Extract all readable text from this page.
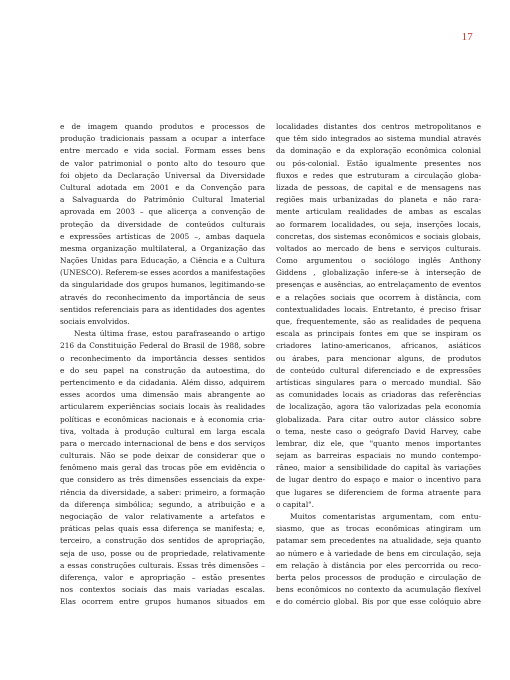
17
e de imagem quando produtos e processos de
produção tradicionais passam a ocupar a interface
entre mercado e vida social. Formam esses bens
de valor patrimonial o ponto alto do tesouro que
foi objeto da Declaração Universal da Diversidade
Cultural adotada em 2001 e da Convenção para
a Salvaguarda do Patrimônio Cultural Imaterial
aprovada em 2003 – que alicerça a convenção de
proteção da diversidade de conteúdos culturais
e expressões artísticas de 2005 –, ambas daquela
mesma organização multilateral, a Organização das
Nações Unidas para Educação, a Ciência e a Cultura
(UNESCO). Referem-se esses acordos a manifestações
da singularidade dos grupos humanos, legitimando-se
através do reconhecimento da importância de seus
sentidos referenciais para as identidades dos agentes
sociais envolvidos.
Nesta última frase, estou parafraseando o artigo
216 da Constituição Federal do Brasil de 1988, sobre
o reconhecimento da importância desses sentidos
e do seu papel na construção da autoestima, do
pertencimento e da cidadania. Além disso, adquirem
esses acordos uma dimensão mais abrangente ao
articularem experiências sociais locais às realidades
políticas e econômicas nacionais e à economia cria-
tiva, voltada à produção cultural em larga escala
para o mercado internacional de bens e dos serviços
culturais. Não se pode deixar de considerar que o
fenômeno mais geral das trocas põe em evidência o
que considero as três dimensões essenciais da expe-
riência da diversidade, a saber: primeiro, a formação
da diferença simbólica; segundo, a atribuição e a
negociação de valor relativamente a artefatos e
práticas pelas quais essa diferença se manifesta; e,
terceiro, a construção dos sentidos de apropriação,
seja de uso, posse ou de propriedade, relativamente
a essas construções culturais. Essas três dimensões –
diferença, valor e apropriação – estão presentes
nos contextos sociais das mais variadas escalas.
Elas ocorrem entre grupos humanos situados em
localidades distantes dos centros metropolitanos e
que têm sido integrados ao sistema mundial através
da dominação e da exploração econômica colonial
ou pós-colonial. Estão igualmente presentes nos
fluxos e redes que estruturam a circulação globa-
lizada de pessoas, de capital e de mensagens nas
regiões mais urbanizadas do planeta e não rara-
mente articulam realidades de ambas as escalas
ao formarem localidades, ou seja, inserções locais,
concretas, dos sistemas econômicos e sociais globais,
voltados ao mercado de bens e serviços culturais.
Como argumentou o sociólogo inglês Anthony
Giddens , globalização infere-se à interseção de
presenças e ausências, ao entrelaçamento de eventos
e a relações sociais que ocorrem à distância, com
contextualidades locais. Entretanto, é preciso frisar
que, frequentemente, são as realidades de pequena
escala as principais fontes em que se inspiram os
criadores latino-americanos, africanos, asiáticos
ou árabes, para mencionar alguns, de produtos
de conteúdo cultural diferenciado e de expressões
artísticas singulares para o mercado mundial. São
as comunidades locais as criadoras das referências
de localização, agora tão valorizadas pela economia
globalizada. Para citar outro autor clássico sobre
o tema, neste caso o geógrafo David Harvey, cabe
lembrar, diz ele, que "quanto menos importantes
sejam as barreiras espaciais no mundo contempo-
râneo, maior a sensibilidade do capital às variações
de lugar dentro do espaço e maior o incentivo para
que lugares se diferenciem de forma atraente para
o capital".
Muitos comentaristas argumentam, com entu-
siasmo, que as trocas econômicas atingiram um
patamar sem precedentes na atualidade, seja quanto
ao número e à variedade de bens em circulação, seja
em relação à distância por eles percorrida ou reco-
berta pelos processos de produção e circulação de
bens econômicos no contexto da acumulação flexível
e do comércio global. Bis por que esse colóquio abre
